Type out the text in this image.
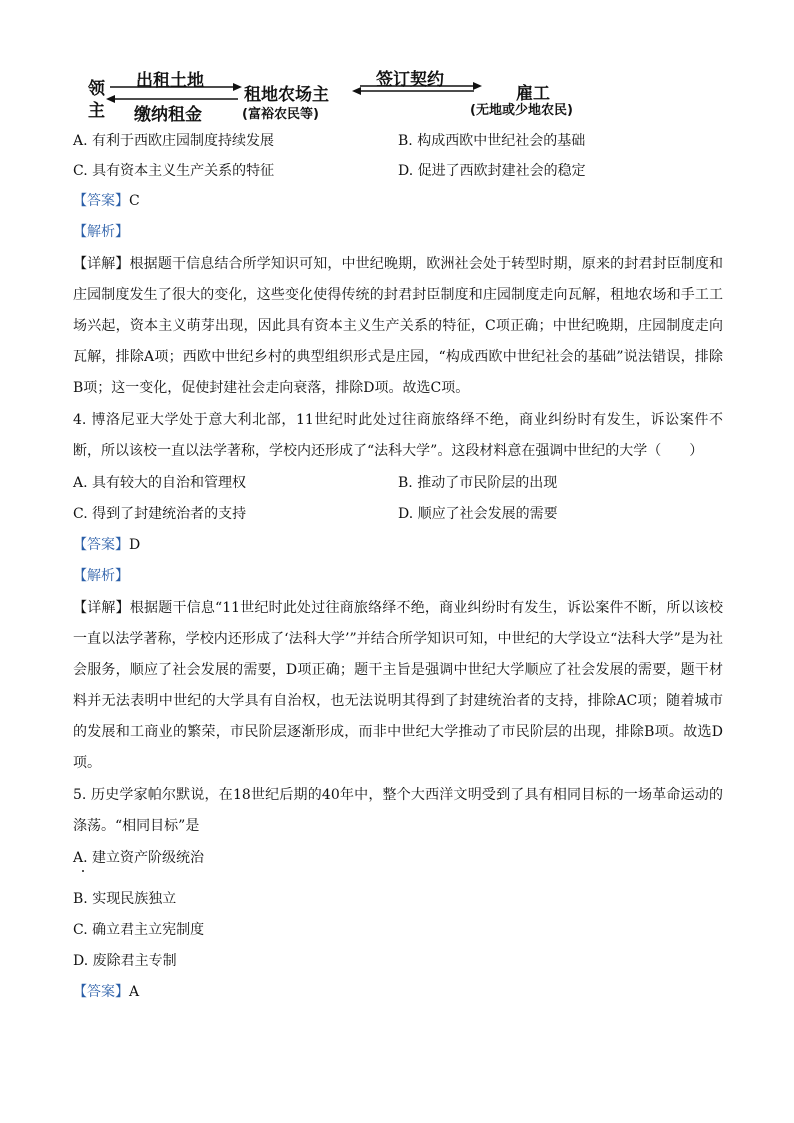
领
主
出租土地
缴纳租金
租地农场主
(富裕农民等)
签订契约
雇工
(无地或少地农民)
A. 有利于西欧庄园制度持续发展	B. 构成西欧中世纪社会的基础
C. 具有资本主义生产关系的特征	D. 促进了西欧封建社会的稳定
【答案】C
【解析】
【详解】根据题干信息结合所学知识可知，中世纪晚期，欧洲社会处于转型时期，原来的封君封臣制度和庄园制度发生了很大的变化，这些变化使得传统的封君封臣制度和庄园制度走向瓦解，租地农场和手工工场兴起，资本主义萌芽出现，因此具有资本主义生产关系的特征，C项正确；中世纪晚期，庄园制度走向瓦解，排除A项；西欧中世纪乡村的典型组织形式是庄园，“构成西欧中世纪社会的基础”说法错误，排除B项；这一变化，促使封建社会走向衰落，排除D项。故选C项。
4. 博洛尼亚大学处于意大利北部，11世纪时此处过往商旅络绎不绝，商业纠纷时有发生，诉讼案件不断，所以该校一直以法学著称，学校内还形成了“法科大学”。这段材料意在强调中世纪的大学（　　）
A. 具有较大的自治和管理权	B. 推动了市民阶层的出现
C. 得到了封建统治者的支持	D. 顺应了社会发展的需要
【答案】D
【解析】
【详解】根据题干信息“11世纪时此处过往商旅络绎不绝，商业纠纷时有发生，诉讼案件不断，所以该校一直以法学著称，学校内还形成了‘法科大学’”并结合所学知识可知，中世纪的大学设立“法科大学”是为社会服务，顺应了社会发展的需要，D项正确；题干主旨是强调中世纪大学顺应了社会发展的需要，题干材料并无法表明中世纪的大学具有自治权，也无法说明其得到了封建统治者的支持，排除AC项；随着城市的发展和工商业的繁荣，市民阶层逐渐形成，而非中世纪大学推动了市民阶层的出现，排除B项。故选D项。
5. 历史学家帕尔默说，在18世纪后期的40年中，整个大西洋文明受到了具有相同目标的一场革命运动的涤荡。“相同目标”是
A. 建立资产阶级统治
B. 实现民族独立
C. 确立君主立宪制度
D. 废除君主专制
【答案】A
